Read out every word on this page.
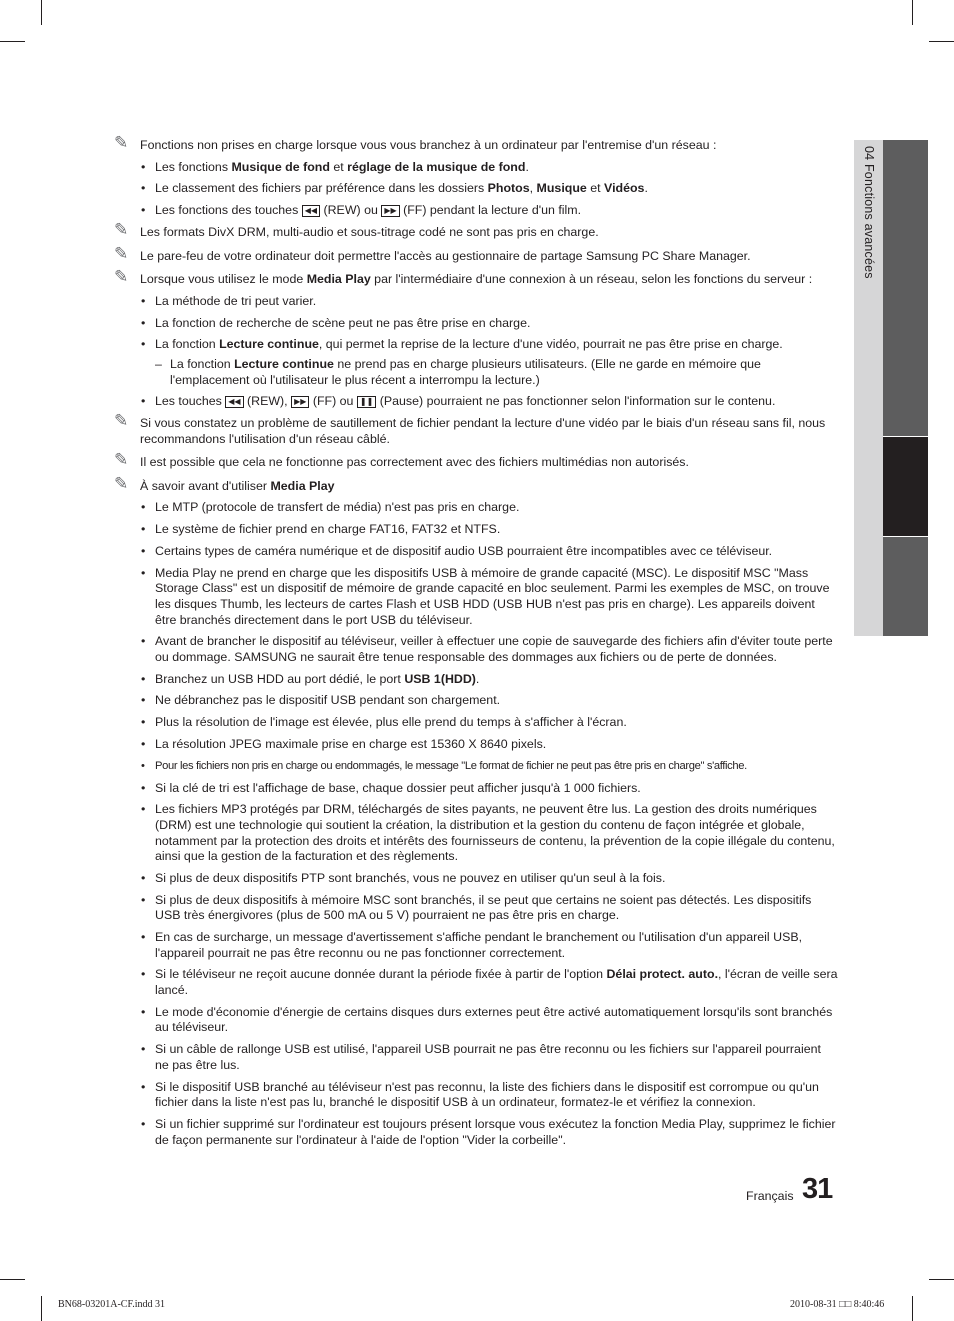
04 Fonctions avancées
✎ Fonctions non prises en charge lorsque vous vous branchez à un ordinateur par l'entremise d'un réseau :
• Les fonctions Musique de fond et réglage de la musique de fond.
• Le classement des fichiers par préférence dans les dossiers Photos, Musique et Vidéos.
• Les fonctions des touches ◀◀ (REW) ou ▶▶ (FF) pendant la lecture d'un film.
✎ Les formats DivX DRM, multi-audio et sous-titrage codé ne sont pas pris en charge.
✎ Le pare-feu de votre ordinateur doit permettre l'accès au gestionnaire de partage Samsung PC Share Manager.
✎ Lorsque vous utilisez le mode Media Play par l'intermédiaire d'une connexion à un réseau, selon les fonctions du serveur :
• La méthode de tri peut varier.
• La fonction de recherche de scène peut ne pas être prise en charge.
• La fonction Lecture continue, qui permet la reprise de la lecture d'une vidéo, pourrait ne pas être prise en charge.
– La fonction Lecture continue ne prend pas en charge plusieurs utilisateurs. (Elle ne garde en mémoire que l'emplacement où l'utilisateur le plus récent a interrompu la lecture.)
• Les touches ◀◀ (REW), ▶▶ (FF) ou ❚❚ (Pause) pourraient ne pas fonctionner selon l'information sur le contenu.
✎ Si vous constatez un problème de sautillement de fichier pendant la lecture d'une vidéo par le biais d'un réseau sans fil, nous recommandons l'utilisation d'un réseau câblé.
✎ Il est possible que cela ne fonctionne pas correctement avec des fichiers multimédias non autorisés.
✎ À savoir avant d'utiliser Media Play
• Le MTP (protocole de transfert de média) n'est pas pris en charge.
• Le système de fichier prend en charge FAT16, FAT32 et NTFS.
• Certains types de caméra numérique et de dispositif audio USB pourraient être incompatibles avec ce téléviseur.
• Media Play ne prend en charge que les dispositifs USB à mémoire de grande capacité (MSC). Le dispositif MSC "Mass Storage Class" est un dispositif de mémoire de grande capacité en bloc seulement. Parmi les exemples de MSC, on trouve les disques Thumb, les lecteurs de cartes Flash et USB HDD (USB HUB n'est pas pris en charge). Les appareils doivent être branchés directement dans le port USB du téléviseur.
• Avant de brancher le dispositif au téléviseur, veiller à effectuer une copie de sauvegarde des fichiers afin d'éviter toute perte ou dommage. SAMSUNG ne saurait être tenue responsable des dommages aux fichiers ou de perte de données.
• Branchez un USB HDD au port dédié, le port USB 1(HDD).
• Ne débranchez pas le dispositif USB pendant son chargement.
• Plus la résolution de l'image est élevée, plus elle prend du temps à s'afficher à l'écran.
• La résolution JPEG maximale prise en charge est 15360 X 8640 pixels.
• Pour les fichiers non pris en charge ou endommagés, le message "Le format de fichier ne peut pas être pris en charge" s'affiche.
• Si la clé de tri est l'affichage de base, chaque dossier peut afficher jusqu'à 1 000 fichiers.
• Les fichiers MP3 protégés par DRM, téléchargés de sites payants, ne peuvent être lus. La gestion des droits numériques (DRM) est une technologie qui soutient la création, la distribution et la gestion du contenu de façon intégrée et globale, notamment par la protection des droits et intérêts des fournisseurs de contenu, la prévention de la copie illégale du contenu, ainsi que la gestion de la facturation et des règlements.
• Si plus de deux dispositifs PTP sont branchés, vous ne pouvez en utiliser qu'un seul à la fois.
• Si plus de deux dispositifs à mémoire MSC sont branchés, il se peut que certains ne soient pas détectés. Les dispositifs USB très énergivores (plus de 500 mA ou 5 V) pourraient ne pas être pris en charge.
• En cas de surcharge, un message d'avertissement s'affiche pendant le branchement ou l'utilisation d'un appareil USB, l'appareil pourrait ne pas être reconnu ou ne pas fonctionner correctement.
• Si le téléviseur ne reçoit aucune donnée durant la période fixée à partir de l'option Délai protect. auto., l'écran de veille sera lancé.
• Le mode d'économie d'énergie de certains disques durs externes peut être activé automatiquement lorsqu'ils sont branchés au téléviseur.
• Si un câble de rallonge USB est utilisé, l'appareil USB pourrait ne pas être reconnu ou les fichiers sur l'appareil pourraient ne pas être lus.
• Si le dispositif USB branché au téléviseur n'est pas reconnu, la liste des fichiers dans le dispositif est corrompue ou qu'un fichier dans la liste n'est pas lu, branché le dispositif USB à un ordinateur, formatez-le et vérifiez la connexion.
• Si un fichier supprimé sur l'ordinateur est toujours présent lorsque vous exécutez la fonction Media Play, supprimez le fichier de façon permanente sur l'ordinateur à l'aide de l'option "Vider la corbeille".
Français 31
BN68-03201A-CF.indd 31	2010-08-31 □□ 8:40:46
